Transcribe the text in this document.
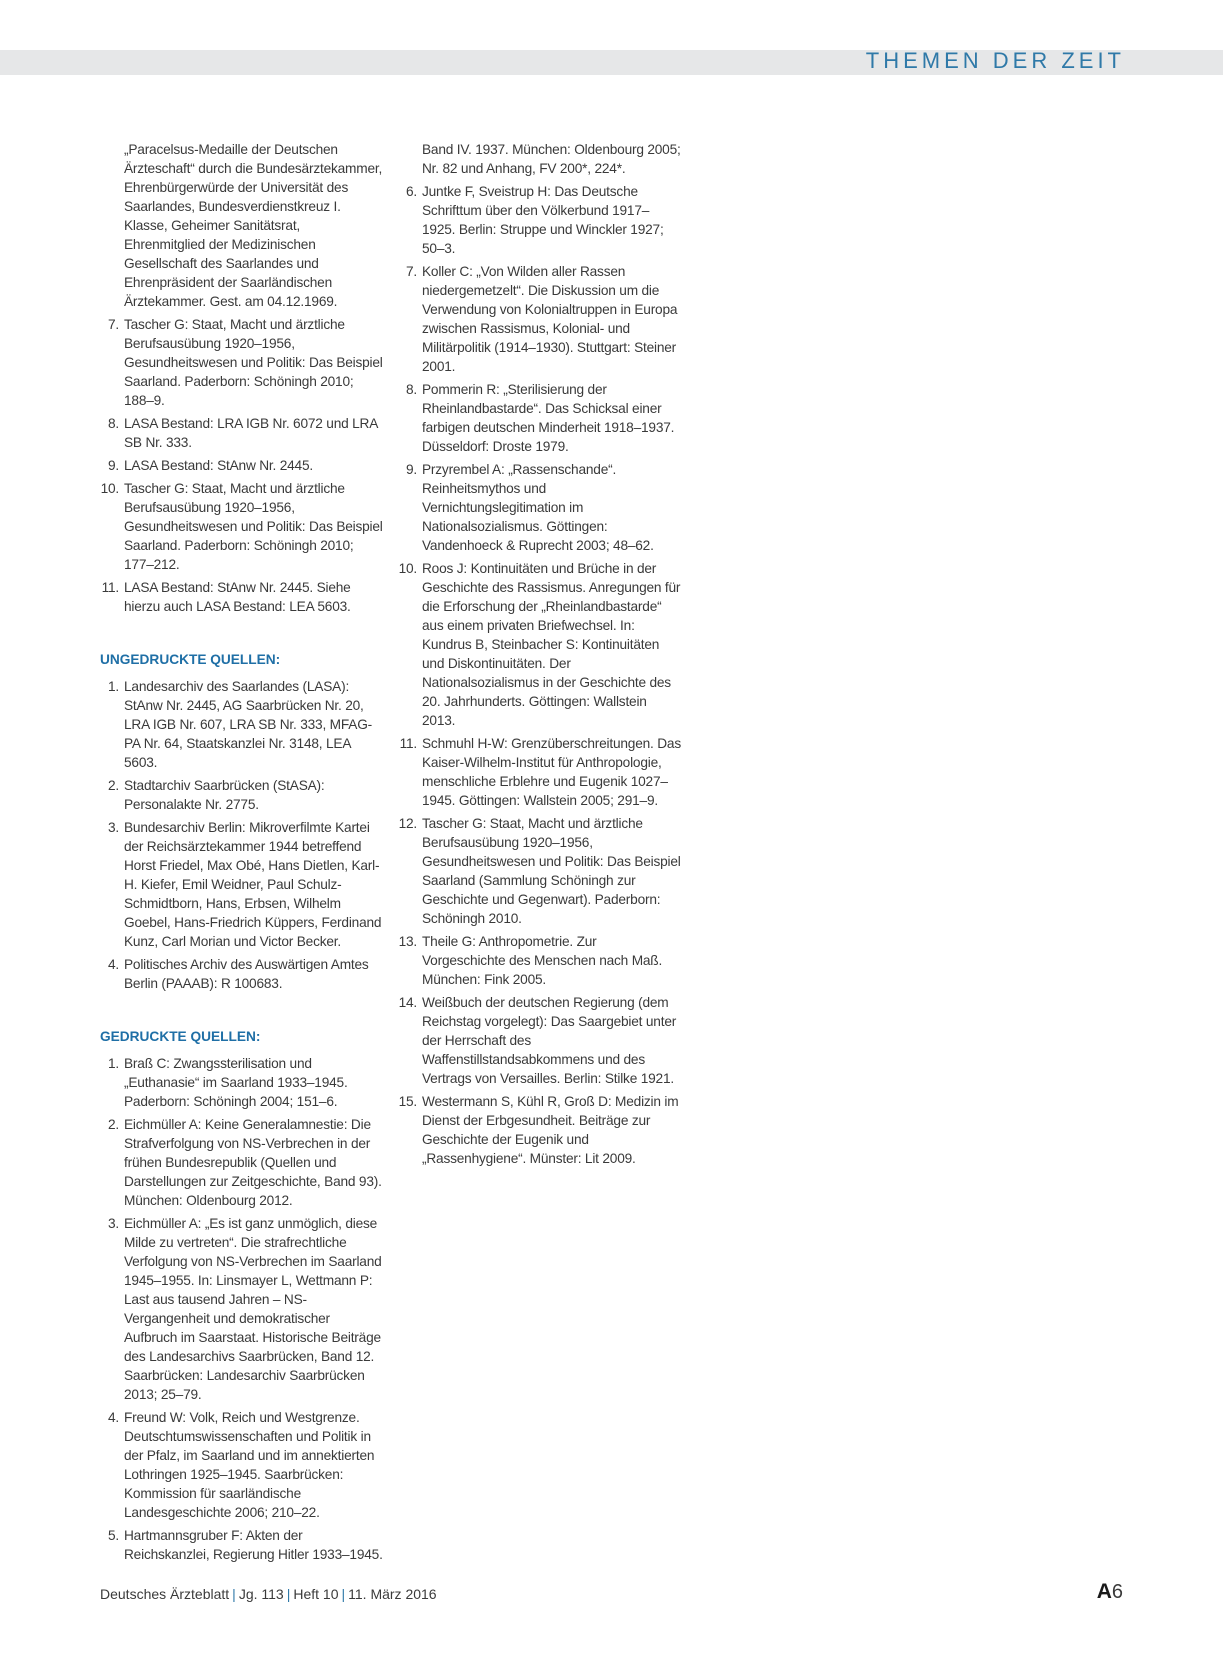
THEMEN DER ZEIT
„Paracelsus-Medaille der Deutschen Ärzteschaft“ durch die Bundesärztekammer, Ehrenbürgerwürde der Universität des Saarlandes, Bundesverdienstkreuz I. Klasse, Geheimer Sanitätsrat, Ehrenmitglied der Medizinischen Gesellschaft des Saarlandes und Ehrenpräsident der Saarländischen Ärztekammer. Gest. am 04.12.1969.
7. Tascher G: Staat, Macht und ärztliche Berufsausübung 1920–1956, Gesundheitswesen und Politik: Das Beispiel Saarland. Paderborn: Schöningh 2010; 188–9.
8. LASA Bestand: LRA IGB Nr. 6072 und LRA SB Nr. 333.
9. LASA Bestand: StAnw Nr. 2445.
10. Tascher G: Staat, Macht und ärztliche Berufsausübung 1920–1956, Gesundheitswesen und Politik: Das Beispiel Saarland. Paderborn: Schöningh 2010; 177–212.
11. LASA Bestand: StAnw Nr. 2445. Siehe hierzu auch LASA Bestand: LEA 5603.
UNGEDRUCKTE QUELLEN:
1. Landesarchiv des Saarlandes (LASA): StAnw Nr. 2445, AG Saarbrücken Nr. 20, LRA IGB Nr. 607, LRA SB Nr. 333, MFAG-PA Nr. 64, Staatskanzlei Nr. 3148, LEA 5603.
2. Stadtarchiv Saarbrücken (StASA): Personalakte Nr. 2775.
3. Bundesarchiv Berlin: Mikroverfilmte Kartei der Reichsärztekammer 1944 betreffend Horst Friedel, Max Obé, Hans Dietlen, Karl-H. Kiefer, Emil Weidner, Paul Schulz-Schmidtborn, Hans, Erbsen, Wilhelm Goebel, Hans-Friedrich Küppers, Ferdinand Kunz, Carl Morian und Victor Becker.
4. Politisches Archiv des Auswärtigen Amtes Berlin (PAAAB): R 100683.
GEDRUCKTE QUELLEN:
1. Braß C: Zwangssterilisation und „Euthanasie“ im Saarland 1933–1945. Paderborn: Schöningh 2004; 151–6.
2. Eichmüller A: Keine Generalamnestie: Die Strafverfolgung von NS-Verbrechen in der frühen Bundesrepublik (Quellen und Darstellungen zur Zeitgeschichte, Band 93). München: Oldenbourg 2012.
3. Eichmüller A: „Es ist ganz unmöglich, diese Milde zu vertreten“. Die strafrechtliche Verfolgung von NS-Verbrechen im Saarland 1945–1955. In: Linsmayer L, Wettmann P: Last aus tausend Jahren – NS-Vergangenheit und demokratischer Aufbruch im Saarstaat. Historische Beiträge des Landesarchivs Saarbrücken, Band 12. Saarbrücken: Landesarchiv Saarbrücken 2013; 25–79.
4. Freund W: Volk, Reich und Westgrenze. Deutschtumswissenschaften und Politik in der Pfalz, im Saarland und im annektierten Lothringen 1925–1945. Saarbrücken: Kommission für saarländische Landesgeschichte 2006; 210–22.
5. Hartmannsgruber F: Akten der Reichskanzlei, Regierung Hitler 1933–1945.
Band IV. 1937. München: Oldenbourg 2005; Nr. 82 und Anhang, FV 200*, 224*.
6. Juntke F, Sveistrup H: Das Deutsche Schrifttum über den Völkerbund 1917–1925. Berlin: Struppe und Winckler 1927; 50–3.
7. Koller C: „Von Wilden aller Rassen niedergemetzelt“. Die Diskussion um die Verwendung von Kolonialtruppen in Europa zwischen Rassismus, Kolonial- und Militärpolitik (1914–1930). Stuttgart: Steiner 2001.
8. Pommerin R: „Sterilisierung der Rheinlandbastarde“. Das Schicksal einer farbigen deutschen Minderheit 1918–1937. Düsseldorf: Droste 1979.
9. Przyrembel A: „Rassenschande“. Reinheitsmythos und Vernichtungslegitimation im Nationalsozialismus. Göttingen: Vandenhoeck & Ruprecht 2003; 48–62.
10. Roos J: Kontinuitäten und Brüche in der Geschichte des Rassismus. Anregungen für die Erforschung der „Rheinlandbastarde“ aus einem privaten Briefwechsel. In: Kundrus B, Steinbacher S: Kontinuitäten und Diskontinuitäten. Der Nationalsozialismus in der Geschichte des 20. Jahrhunderts. Göttingen: Wallstein 2013.
11. Schmuhl H-W: Grenzüberschreitungen. Das Kaiser-Wilhelm-Institut für Anthropologie, menschliche Erblehre und Eugenik 1027–1945. Göttingen: Wallstein 2005; 291–9.
12. Tascher G: Staat, Macht und ärztliche Berufsausübung 1920–1956, Gesundheitswesen und Politik: Das Beispiel Saarland (Sammlung Schöningh zur Geschichte und Gegenwart). Paderborn: Schöningh 2010.
13. Theile G: Anthropometrie. Zur Vorgeschichte des Menschen nach Maß. München: Fink 2005.
14. Weißbuch der deutschen Regierung (dem Reichstag vorgelegt): Das Saargebiet unter der Herrschaft des Waffenstillstandsabkommens und des Vertrags von Versailles. Berlin: Stilke 1921.
15. Westermann S, Kühl R, Groß D: Medizin im Dienst der Erbgesundheit. Beiträge zur Geschichte der Eugenik und „Rassenhygiene“. Münster: Lit 2009.
Deutsches Ärzteblatt | Jg. 113 | Heft 10 | 11. März 2016	A6
